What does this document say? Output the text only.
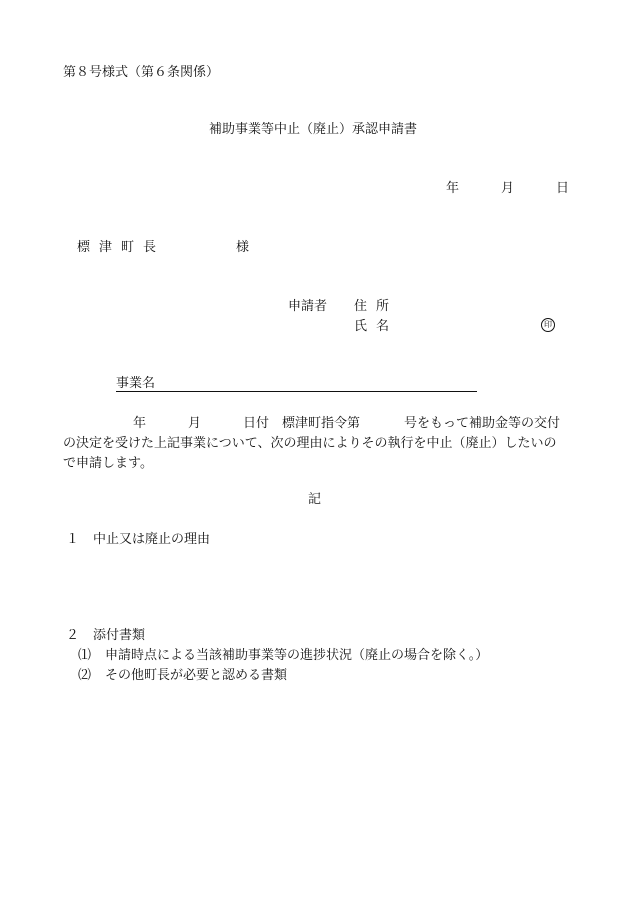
第８号様式（第６条関係）
補助事業等中止（廃止）承認申請書
年	月	日
標津町長	様
申請者 住所
氏名	印
事業名
年	月	日付　標津町指令第	号をもって補助金等の交付
の決定を受けた上記事業について、次の理由によりその執行を中止（廃止）したいの
で申請します。
記
１ 中止又は廃止の理由
２ 添付書類
⑴ 申請時点による当該補助事業等の進捗状況（廃止の場合を除く。）
⑵ その他町長が必要と認める書類
